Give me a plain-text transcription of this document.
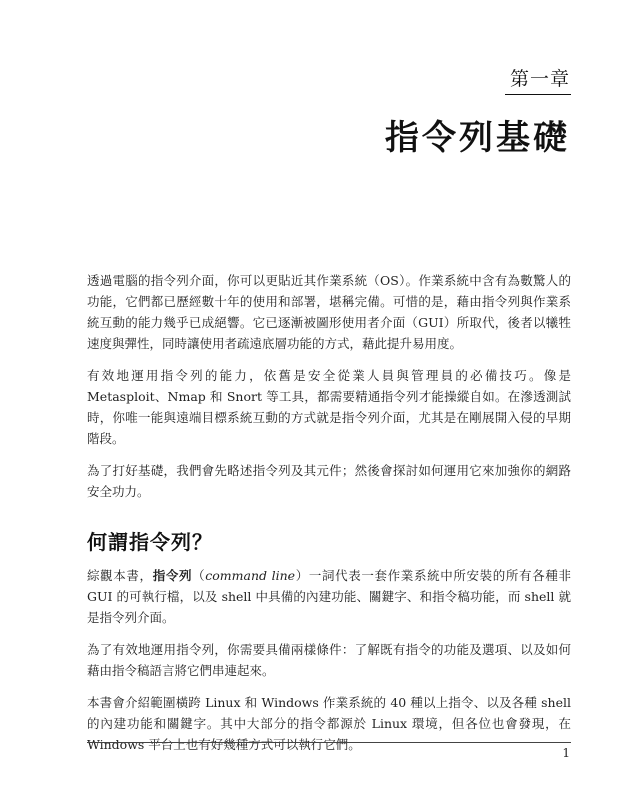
第一章
指令列基礎

透過電腦的指令列介面，你可以更貼近其作業系統（OS）。作業系統中含有為數驚人的功能，它們都已歷經數十年的使用和部署，堪稱完備。可惜的是，藉由指令列與作業系統互動的能力幾乎已成絕響。它已逐漸被圖形使用者介面（GUI）所取代，後者以犧牲速度與彈性，同時讓使用者疏遠底層功能的方式，藉此提升易用度。

有效地運用指令列的能力，依舊是安全從業人員與管理員的必備技巧。像是 Metasploit、Nmap 和 Snort 等工具，都需要精通指令列才能操縱自如。在滲透測試時，你唯一能與遠端目標系統互動的方式就是指令列介面，尤其是在剛展開入侵的早期階段。

為了打好基礎，我們會先略述指令列及其元件；然後會探討如何運用它來加強你的網路安全功力。

何謂指令列？

綜觀本書，指令列（command line）一詞代表一套作業系統中所安裝的所有各種非 GUI 的可執行檔，以及 shell 中具備的內建功能、關鍵字、和指令稿功能，而 shell 就是指令列介面。

為了有效地運用指令列，你需要具備兩樣條件：了解既有指令的功能及選項、以及如何藉由指令稿語言將它們串連起來。

本書會介紹範圍橫跨 Linux 和 Windows 作業系統的 40 種以上指令、以及各種 shell 的內建功能和關鍵字。其中大部分的指令都源於 Linux 環境，但各位也會發現，在 Windows 平台上也有好幾種方式可以執行它們。

1
